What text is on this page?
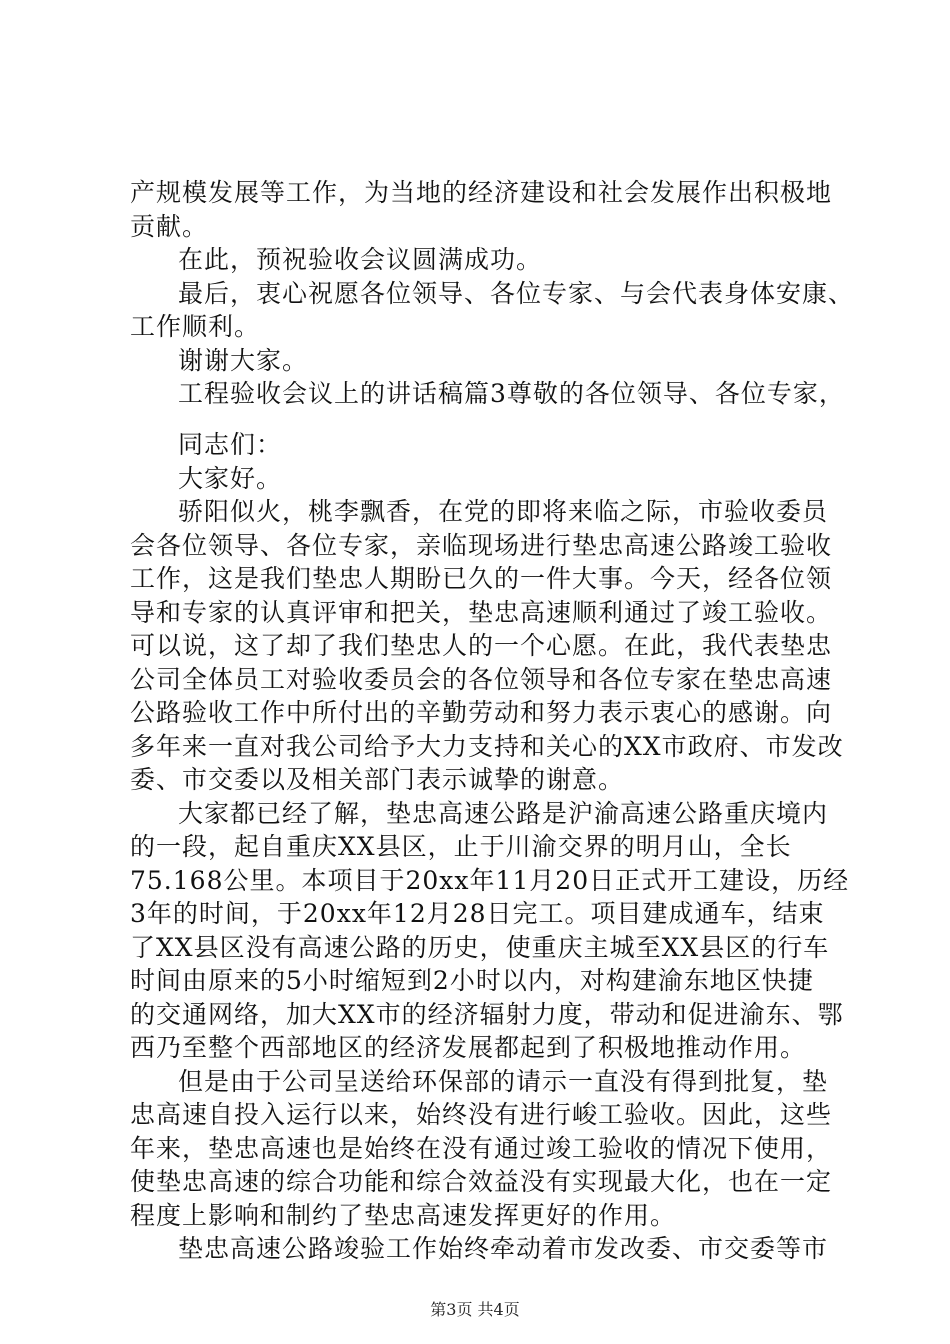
产规模发展等工作，为当地的经济建设和社会发展作出积极地
贡献。
在此，预祝验收会议圆满成功。
最后，衷心祝愿各位领导、各位专家、与会代表身体安康、
工作顺利。
谢谢大家。
工程验收会议上的讲话稿篇3尊敬的各位领导、各位专家，
同志们：
大家好。
骄阳似火，桃李飘香，在党的即将来临之际，市验收委员
会各位领导、各位专家，亲临现场进行垫忠高速公路竣工验收
工作，这是我们垫忠人期盼已久的一件大事。今天，经各位领
导和专家的认真评审和把关，垫忠高速顺利通过了竣工验收。
可以说，这了却了我们垫忠人的一个心愿。在此，我代表垫忠
公司全体员工对验收委员会的各位领导和各位专家在垫忠高速
公路验收工作中所付出的辛勤劳动和努力表示衷心的感谢。向
多年来一直对我公司给予大力支持和关心的XX市政府、市发改
委、市交委以及相关部门表示诚挚的谢意。
大家都已经了解，垫忠高速公路是沪渝高速公路重庆境内
的一段，起自重庆XX县区，止于川渝交界的明月山，全长
75.168公里。本项目于20xx年11月20日正式开工建设，历经
3年的时间，于20xx年12月28日完工。项目建成通车，结束
了XX县区没有高速公路的历史，使重庆主城至XX县区的行车
时间由原来的5小时缩短到2小时以内，对构建渝东地区快捷
的交通网络，加大XX市的经济辐射力度，带动和促进渝东、鄂
西乃至整个西部地区的经济发展都起到了积极地推动作用。
但是由于公司呈送给环保部的请示一直没有得到批复，垫
忠高速自投入运行以来，始终没有进行峻工验收。因此，这些
年来，垫忠高速也是始终在没有通过竣工验收的情况下使用，
使垫忠高速的综合功能和综合效益没有实现最大化，也在一定
程度上影响和制约了垫忠高速发挥更好的作用。
垫忠高速公路竣验工作始终牵动着市发改委、市交委等市
第3页 共4页
